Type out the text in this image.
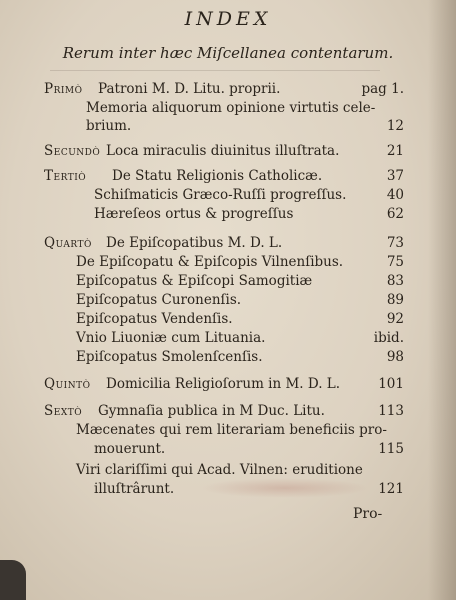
INDEX
Rerum inter hæc Miſcellanea contentarum.
Primò Patroni M. D. Litu. proprii.	pag 1.
Memoria aliquorum opinione virtutis cele-
brium.	12
Secundò Loca miraculis diuinitus illuſtrata.	21
Tertiò De Statu Religionis Catholicæ.	37
Schiſmaticis Græco-Ruſſi progreſſus.	40
Hæreſeos ortus & progreſſus	62
Quartò De Epiſcopatibus M. D. L.	73
De Epiſcopatu & Epiſcopis Vilnenſibus.	75
Epiſcopatus & Epiſcopi Samogitiæ	83
Epiſcopatus Curonenſis.	89
Epiſcopatus Vendenſis.	92
Vnio Liuoniæ cum Lituania.	ibid.
Epiſcopatus Smolenſcenſis.	98
Quintò Domicilia Religioſorum in M. D. L.	101
Sextò Gymnaſia publica in M Duc. Litu.	113
Mæcenates qui rem literariam beneficiis pro-
mouerunt.	115
Viri clariſſimi qui Acad. Vilnen: eruditione
illuſtrârunt.	121
Pro-
